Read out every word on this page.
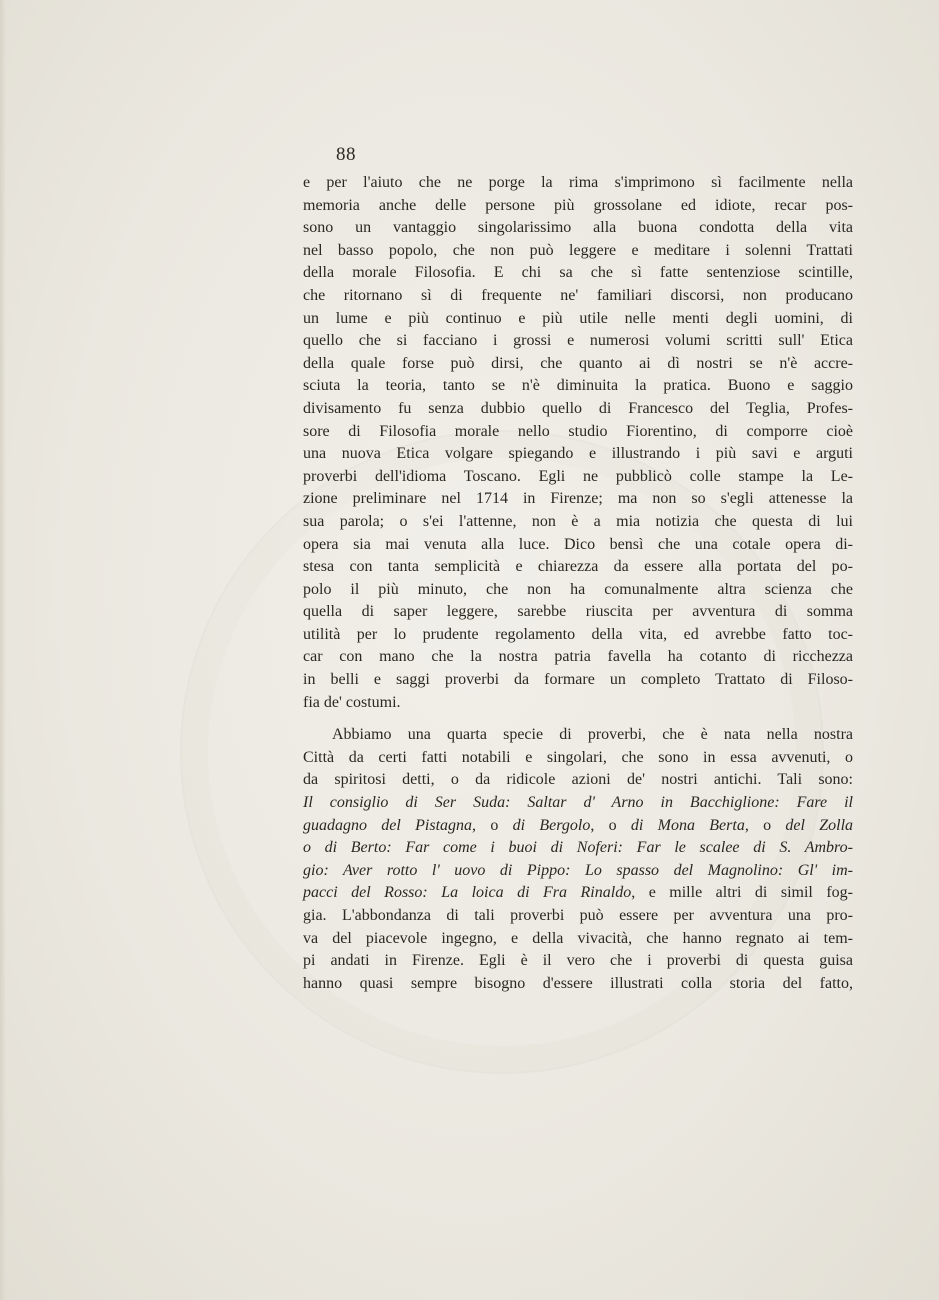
88
e per l'aiuto che ne porge la rima s'imprimono sì facilmente nella
memoria anche delle persone più grossolane ed idiote, recar pos-
sono un vantaggio singolarissimo alla buona condotta della vita
nel basso popolo, che non può leggere e meditare i solenni Trattati
della morale Filosofia. E chi sa che sì fatte sentenziose scintille,
che ritornano sì di frequente ne' familiari discorsi, non producano
un lume e più continuo e più utile nelle menti degli uomini, di
quello che si facciano i grossi e numerosi volumi scritti sull' Etica
della quale forse può dirsi, che quanto ai dì nostri se n'è accre-
sciuta la teoria, tanto se n'è diminuita la pratica. Buono e saggio
divisamento fu senza dubbio quello di Francesco del Teglia, Profes-
sore di Filosofia morale nello studio Fiorentino, di comporre cioè
una nuova Etica volgare spiegando e illustrando i più savi e arguti
proverbi dell'idioma Toscano. Egli ne pubblicò colle stampe la Le-
zione preliminare nel 1714 in Firenze; ma non so s'egli attenesse la
sua parola; o s'ei l'attenne, non è a mia notizia che questa di lui
opera sia mai venuta alla luce. Dico bensì che una cotale opera di-
stesa con tanta semplicità e chiarezza da essere alla portata del po-
polo il più minuto, che non ha comunalmente altra scienza che
quella di saper leggere, sarebbe riuscita per avventura di somma
utilità per lo prudente regolamento della vita, ed avrebbe fatto toc-
car con mano che la nostra patria favella ha cotanto di ricchezza
in belli e saggi proverbi da formare un completo Trattato di Filoso-
fia de' costumi.
Abbiamo una quarta specie di proverbi, che è nata nella nostra
Città da certi fatti notabili e singolari, che sono in essa avvenuti, o
da spiritosi detti, o da ridicole azioni de' nostri antichi. Tali sono:
Il consiglio di Ser Suda: Saltar d' Arno in Bacchiglione: Fare il
guadagno del Pistagna, o di Bergolo, o di Mona Berta, o del Zolla
o di Berto: Far come i buoi di Noferi: Far le scalee di S. Ambro-
gio: Aver rotto l' uovo di Pippo: Lo spasso del Magnolino: Gl' im-
pacci del Rosso: La loica di Fra Rinaldo, e mille altri di simil fog-
gia. L'abbondanza di tali proverbi può essere per avventura una pro-
va del piacevole ingegno, e della vivacità, che hanno regnato ai tem-
pi andati in Firenze. Egli è il vero che i proverbi di questa guisa
hanno quasi sempre bisogno d'essere illustrati colla storia del fatto,
